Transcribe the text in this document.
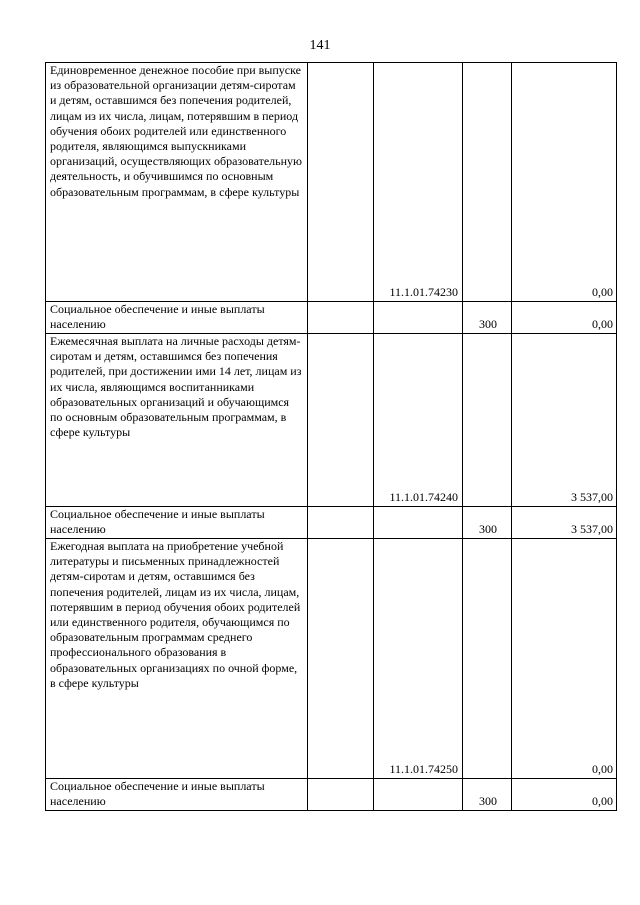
141
Единовременное денежное пособие при выпуске из образовательной организации детям-сиротам и детям, оставшимся без попечения родителей, лицам из их числа, лицам, потерявшим в период обучения обоих родителей или единственного родителя, являющимся выпускниками организаций, осуществляющих образовательную деятельность, и обучившимся по основным образовательным программам, в сфере культуры		11.1.01.74230		0,00
Социальное обеспечение и иные выплаты населению			300	0,00
Ежемесячная выплата на личные расходы детям-сиротам и детям, оставшимся без попечения родителей, при достижении ими 14 лет, лицам из их числа, являющимся воспитанниками образовательных организаций и обучающимся по основным образовательным программам, в сфере культуры		11.1.01.74240		3 537,00
Социальное обеспечение и иные выплаты населению			300	3 537,00
Ежегодная выплата на приобретение учебной литературы и письменных принадлежностей детям-сиротам и детям, оставшимся без попечения родителей, лицам из их числа, лицам, потерявшим в период обучения обоих родителей или единственного родителя, обучающимся по образовательным программам среднего профессионального образования в образовательных организациях по очной форме, в сфере культуры		11.1.01.74250		0,00
Социальное обеспечение и иные выплаты населению			300	0,00
